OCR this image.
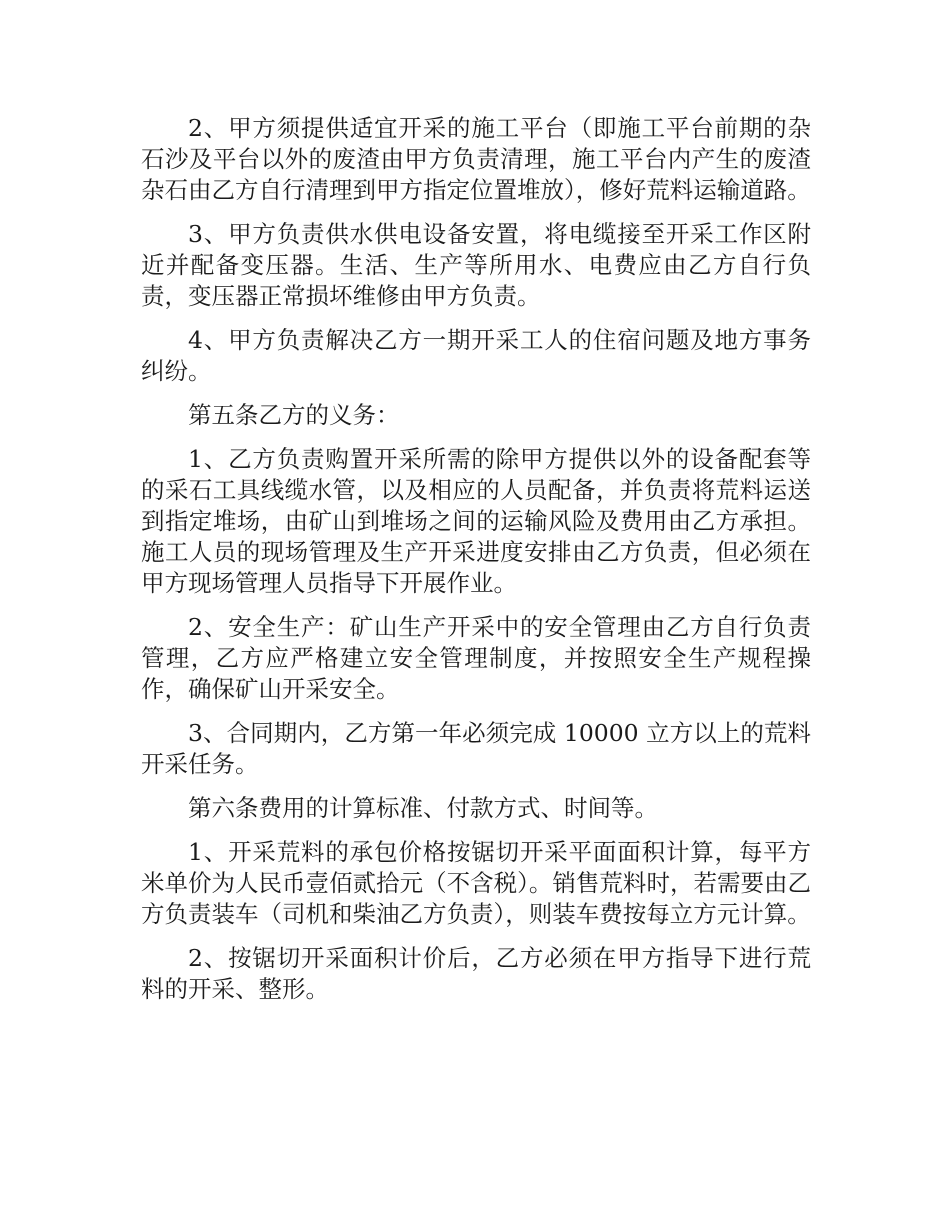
2、甲方须提供适宜开采的施工平台（即施工平台前期的杂石沙及平台以外的废渣由甲方负责清理，施工平台内产生的废渣杂石由乙方自行清理到甲方指定位置堆放），修好荒料运输道路。

3、甲方负责供水供电设备安置，将电缆接至开采工作区附近并配备变压器。生活、生产等所用水、电费应由乙方自行负责，变压器正常损坏维修由甲方负责。

4、甲方负责解决乙方一期开采工人的住宿问题及地方事务纠纷。

第五条乙方的义务：

1、乙方负责购置开采所需的除甲方提供以外的设备配套等的采石工具线缆水管，以及相应的人员配备，并负责将荒料运送到指定堆场，由矿山到堆场之间的运输风险及费用由乙方承担。施工人员的现场管理及生产开采进度安排由乙方负责，但必须在甲方现场管理人员指导下开展作业。

2、安全生产：矿山生产开采中的安全管理由乙方自行负责管理，乙方应严格建立安全管理制度，并按照安全生产规程操作，确保矿山开采安全。

3、合同期内，乙方第一年必须完成 10000 立方以上的荒料开采任务。

第六条费用的计算标准、付款方式、时间等。

1、开采荒料的承包价格按锯切开采平面面积计算，每平方米单价为人民币壹佰贰拾元（不含税）。销售荒料时，若需要由乙方负责装车（司机和柴油乙方负责），则装车费按每立方元计算。

2、按锯切开采面积计价后，乙方必须在甲方指导下进行荒料的开采、整形。
